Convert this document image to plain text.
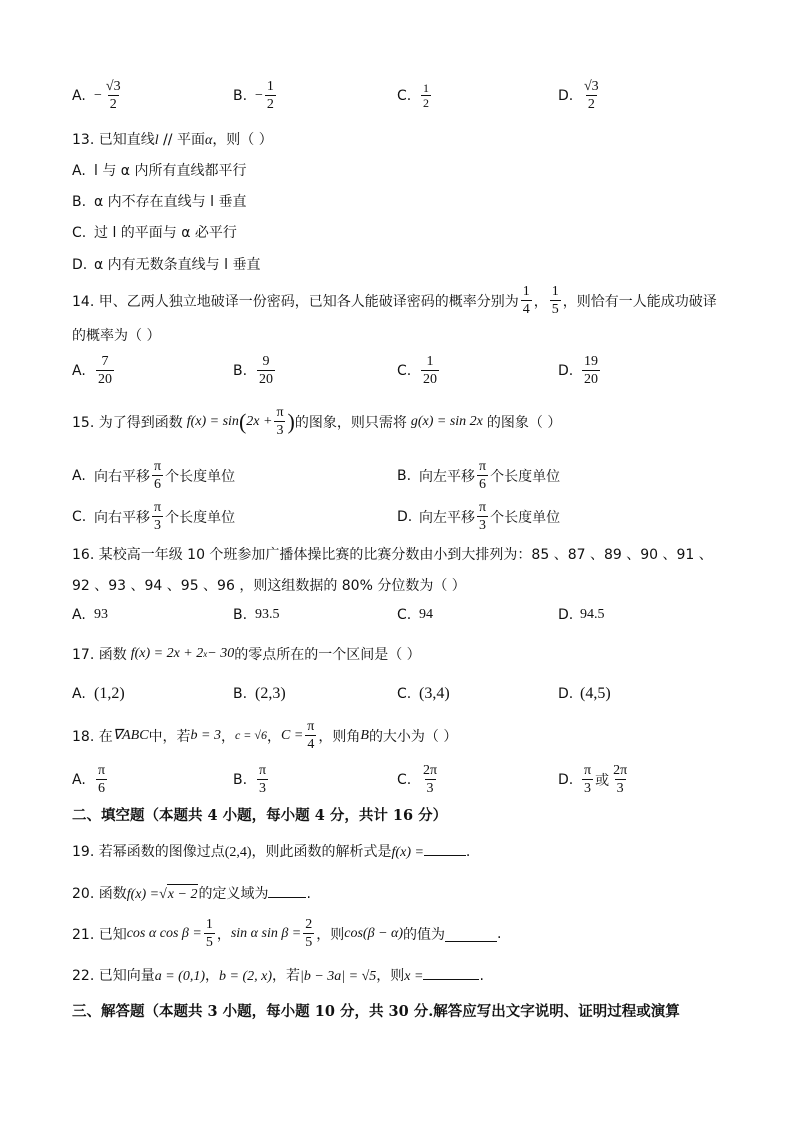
A. − $\frac{√3}{2}$	B. − $\frac{1}{2}$	C. $\frac{1}{2}$	D. $\frac{√3}{2}$
13. 已知直线l // 平面α，则（ ）
A. l 与 α 内所有直线都平行
B. α 内不存在直线与 l 垂直
C. 过 l 的平面与 α 必平行
D. α 内有无数条直线与 l 垂直
14. 甲、乙两人独立地破译一份密码，已知各人能破译密码的概率分别为 $\frac{1}{4}$ ， $\frac{1}{5}$ ，则恰有一人能成功破译
的概率为（ ）
A. $\frac{7}{20}$	B. $\frac{9}{20}$	C. $\frac{1}{20}$	D. $\frac{19}{20}$
15. 为了得到函数 f(x) = sin ( $2x + \frac{\pi}{3}$ ) 的图象，则只需将 g(x) = sin 2x 的图象（ ）
A. 向右平移 $\frac{\pi}{6}$ 个长度单位	B. 向左平移 $\frac{\pi}{6}$ 个长度单位
C. 向右平移 $\frac{\pi}{3}$ 个长度单位	D. 向左平移 $\frac{\pi}{3}$ 个长度单位
16. 某校高一年级 10 个班参加广播体操比赛的比赛分数由小到大排列为：85 、87 、89 、90 、91 、
92 、93 、94 、95 、96 ，则这组数据的 80% 分位数为（ ）
A. 93	B. 93.5	C. 94	D. 94.5
17. 函数 f(x) = 2x + 2 x − 30 的零点所在的一个区间是（ ）
A. (1,2)	B. (2,3)	C. (3,4)	D. (4,5)
18. 在 ∇ABC 中，若 b = 3 ， c = √6 ， $C = \frac{\pi}{4}$ ，则角 B 的大小为（ ）
A. $\frac{\pi}{6}$	B. $\frac{\pi}{3}$	C. $\frac{2\pi}{3}$	D. $\frac{\pi}{3}$ 或 $\frac{2\pi}{3}$
二、填空题（本题共 4 小题，每小题 4 分，共计 16 分）
19. 若幂函数的图像过点(2,4)，则此函数的解析式是f(x) =	.
20. 函数f(x) =√x − 2的定义域为	.
21. 已知 cos α $\cos \beta = \frac{1}{5}$ ， sin α $\sin \beta = \frac{2}{5}$ ，则 cos(β − α) 的值为	.
22. 已知向量a = (0,1)，b = (2, x)，若|b − 3a| = √5，则x =	.
三、解答题（本题共 3 小题，每小题 10 分，共 30 分.解答应写出文字说明、证明过程或演算
